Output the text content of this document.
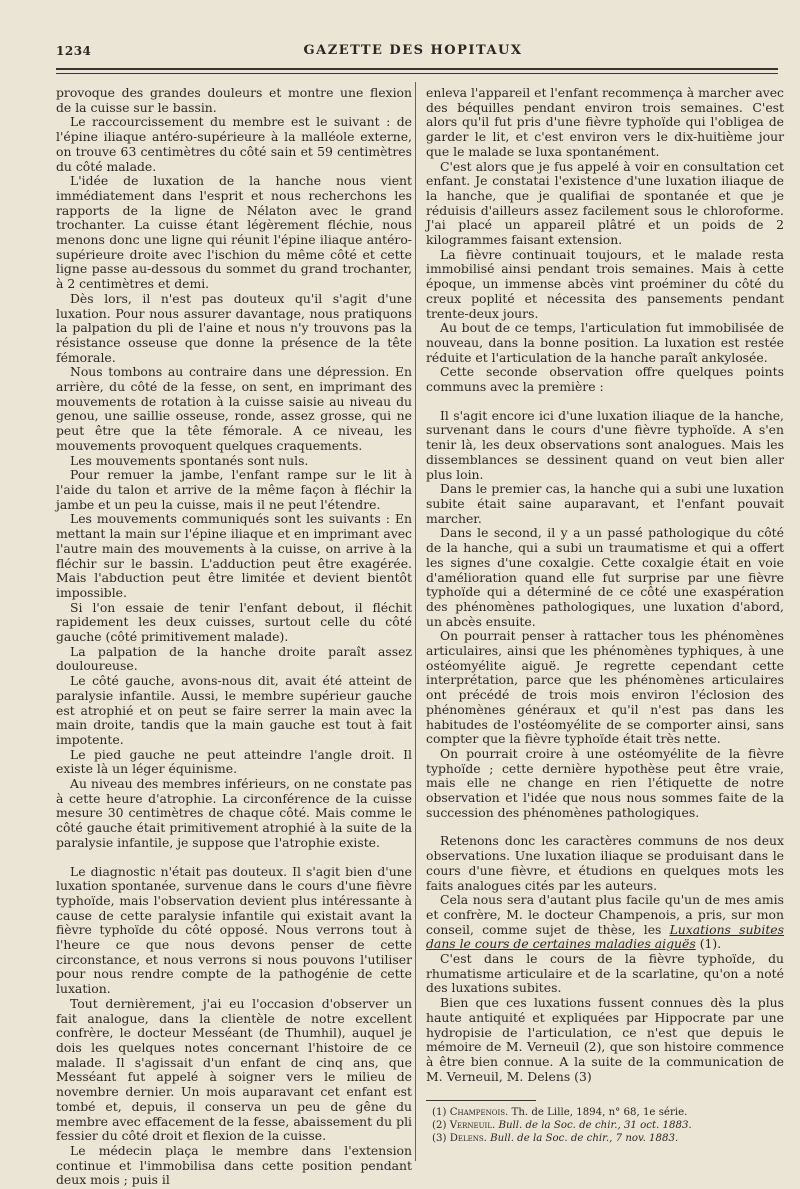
1234	GAZETTE DES HOPITAUX

provoque des grandes douleurs et montre une flexion de la cuisse sur le bassin.

Le raccourcissement du membre est le suivant : de l'épine iliaque antéro-supérieure à la malléole externe, on trouve 63 centimètres du côté sain et 59 centimètres du côté malade.

L'idée de luxation de la hanche nous vient immédiatement dans l'esprit et nous recherchons les rapports de la ligne de Nélaton avec le grand trochanter. La cuisse étant légèrement fléchie, nous menons donc une ligne qui réunit l'épine iliaque antéro-supérieure droite avec l'ischion du même côté et cette ligne passe au-dessous du sommet du grand trochanter, à 2 centimètres et demi.

Dès lors, il n'est pas douteux qu'il s'agit d'une luxation. Pour nous assurer davantage, nous pratiquons la palpation du pli de l'aine et nous n'y trouvons pas la résistance osseuse que donne la présence de la tête fémorale.

Nous tombons au contraire dans une dépression. En arrière, du côté de la fesse, on sent, en imprimant des mouvements de rotation à la cuisse saisie au niveau du genou, une saillie osseuse, ronde, assez grosse, qui ne peut être que la tête fémorale. A ce niveau, les mouvements provoquent quelques craquements.

Les mouvements spontanés sont nuls.

Pour remuer la jambe, l'enfant rampe sur le lit à l'aide du talon et arrive de la même façon à fléchir la jambe et un peu la cuisse, mais il ne peut l'étendre.

Les mouvements communiqués sont les suivants : En mettant la main sur l'épine iliaque et en imprimant avec l'autre main des mouvements à la cuisse, on arrive à la fléchir sur le bassin. L'adduction peut être exagérée. Mais l'abduction peut être limitée et devient bientôt impossible.

Si l'on essaie de tenir l'enfant debout, il fléchit rapidement les deux cuisses, surtout celle du côté gauche (côté primitivement malade).

La palpation de la hanche droite paraît assez douloureuse.

Le côté gauche, avons-nous dit, avait été atteint de paralysie infantile. Aussi, le membre supérieur gauche est atrophié et on peut se faire serrer la main avec la main droite, tandis que la main gauche est tout à fait impotente.

Le pied gauche ne peut atteindre l'angle droit. Il existe là un léger équinisme.

Au niveau des membres inférieurs, on ne constate pas à cette heure d'atrophie. La circonférence de la cuisse mesure 30 centimètres de chaque côté. Mais comme le côté gauche était primitivement atrophié à la suite de la paralysie infantile, je suppose que l'atrophie existe.

Le diagnostic n'était pas douteux. Il s'agit bien d'une luxation spontanée, survenue dans le cours d'une fièvre typhoïde, mais l'observation devient plus intéressante à cause de cette paralysie infantile qui existait avant la fièvre typhoïde du côté opposé. Nous verrons tout à l'heure ce que nous devons penser de cette circonstance, et nous verrons si nous pouvons l'utiliser pour nous rendre compte de la pathogénie de cette luxation.

Tout dernièrement, j'ai eu l'occasion d'observer un fait analogue, dans la clientèle de notre excellent confrère, le docteur Messéant (de Thumhil), auquel je dois les quelques notes concernant l'histoire de ce malade. Il s'agissait d'un enfant de cinq ans, que Messéant fut appelé à soigner vers le milieu de novembre dernier. Un mois auparavant cet enfant est tombé et, depuis, il conserva un peu de gêne du membre avec effacement de la fesse, abaissement du pli fessier du côté droit et flexion de la cuisse.

Le médecin plaça le membre dans l'extension continue et l'immobilisa dans cette position pendant deux mois ; puis il

enleva l'appareil et l'enfant recommença à marcher avec des béquilles pendant environ trois semaines. C'est alors qu'il fut pris d'une fièvre typhoïde qui l'obligea de garder le lit, et c'est environ vers le dix-huitième jour que le malade se luxa spontanément.

C'est alors que je fus appelé à voir en consultation cet enfant. Je constatai l'existence d'une luxation iliaque de la hanche, que je qualifiai de spontanée et que je réduisis d'ailleurs assez facilement sous le chloroforme. J'ai placé un appareil plâtré et un poids de 2 kilogrammes faisant extension.

La fièvre continuait toujours, et le malade resta immobilisé ainsi pendant trois semaines. Mais à cette époque, un immense abcès vint proéminer du côté du creux poplité et nécessita des pansements pendant trente-deux jours.

Au bout de ce temps, l'articulation fut immobilisée de nouveau, dans la bonne position. La luxation est restée réduite et l'articulation de la hanche paraît ankylosée.

Cette seconde observation offre quelques points communs avec la première :

Il s'agit encore ici d'une luxation iliaque de la hanche, survenant dans le cours d'une fièvre typhoïde. A s'en tenir là, les deux observations sont analogues. Mais les dissemblances se dessinent quand on veut bien aller plus loin.

Dans le premier cas, la hanche qui a subi une luxation subite était saine auparavant, et l'enfant pouvait marcher.

Dans le second, il y a un passé pathologique du côté de la hanche, qui a subi un traumatisme et qui a offert les signes d'une coxalgie. Cette coxalgie était en voie d'amélioration quand elle fut surprise par une fièvre typhoïde qui a déterminé de ce côté une exaspération des phénomènes pathologiques, une luxation d'abord, un abcès ensuite.

On pourrait penser à rattacher tous les phénomènes articulaires, ainsi que les phénomènes typhiques, à une ostéomyélite aiguë. Je regrette cependant cette interprétation, parce que les phénomènes articulaires ont précédé de trois mois environ l'éclosion des phénomènes généraux et qu'il n'est pas dans les habitudes de l'ostéomyélite de se comporter ainsi, sans compter que la fièvre typhoïde était très nette.

On pourrait croire à une ostéomyélite de la fièvre typhoïde ; cette dernière hypothèse peut être vraie, mais elle ne change en rien l'étiquette de notre observation et l'idée que nous nous sommes faite de la succession des phénomènes pathologiques.

Retenons donc les caractères communs de nos deux observations. Une luxation iliaque se produisant dans le cours d'une fièvre, et étudions en quelques mots les faits analogues cités par les auteurs.

Cela nous sera d'autant plus facile qu'un de mes amis et confrère, M. le docteur Champenois, a pris, sur mon conseil, comme sujet de thèse, les Luxations subites dans le cours de certaines maladies aiguës (1).

C'est dans le cours de la fièvre typhoïde, du rhumatisme articulaire et de la scarlatine, qu'on a noté des luxations subites.

Bien que ces luxations fussent connues dès la plus haute antiquité et expliquées par Hippocrate par une hydropisie de l'articulation, ce n'est que depuis le mémoire de M. Verneuil (2), que son histoire commence à être bien connue. A la suite de la communication de M. Verneuil, M. Delens (3)

(1) Champenois. Th. de Lille, 1894, n° 68, 1e série.

(2) Verneuil. Bull. de la Soc. de chir., 31 oct. 1883.

(3) Delens. Bull. de la Soc. de chir., 7 nov. 1883.
